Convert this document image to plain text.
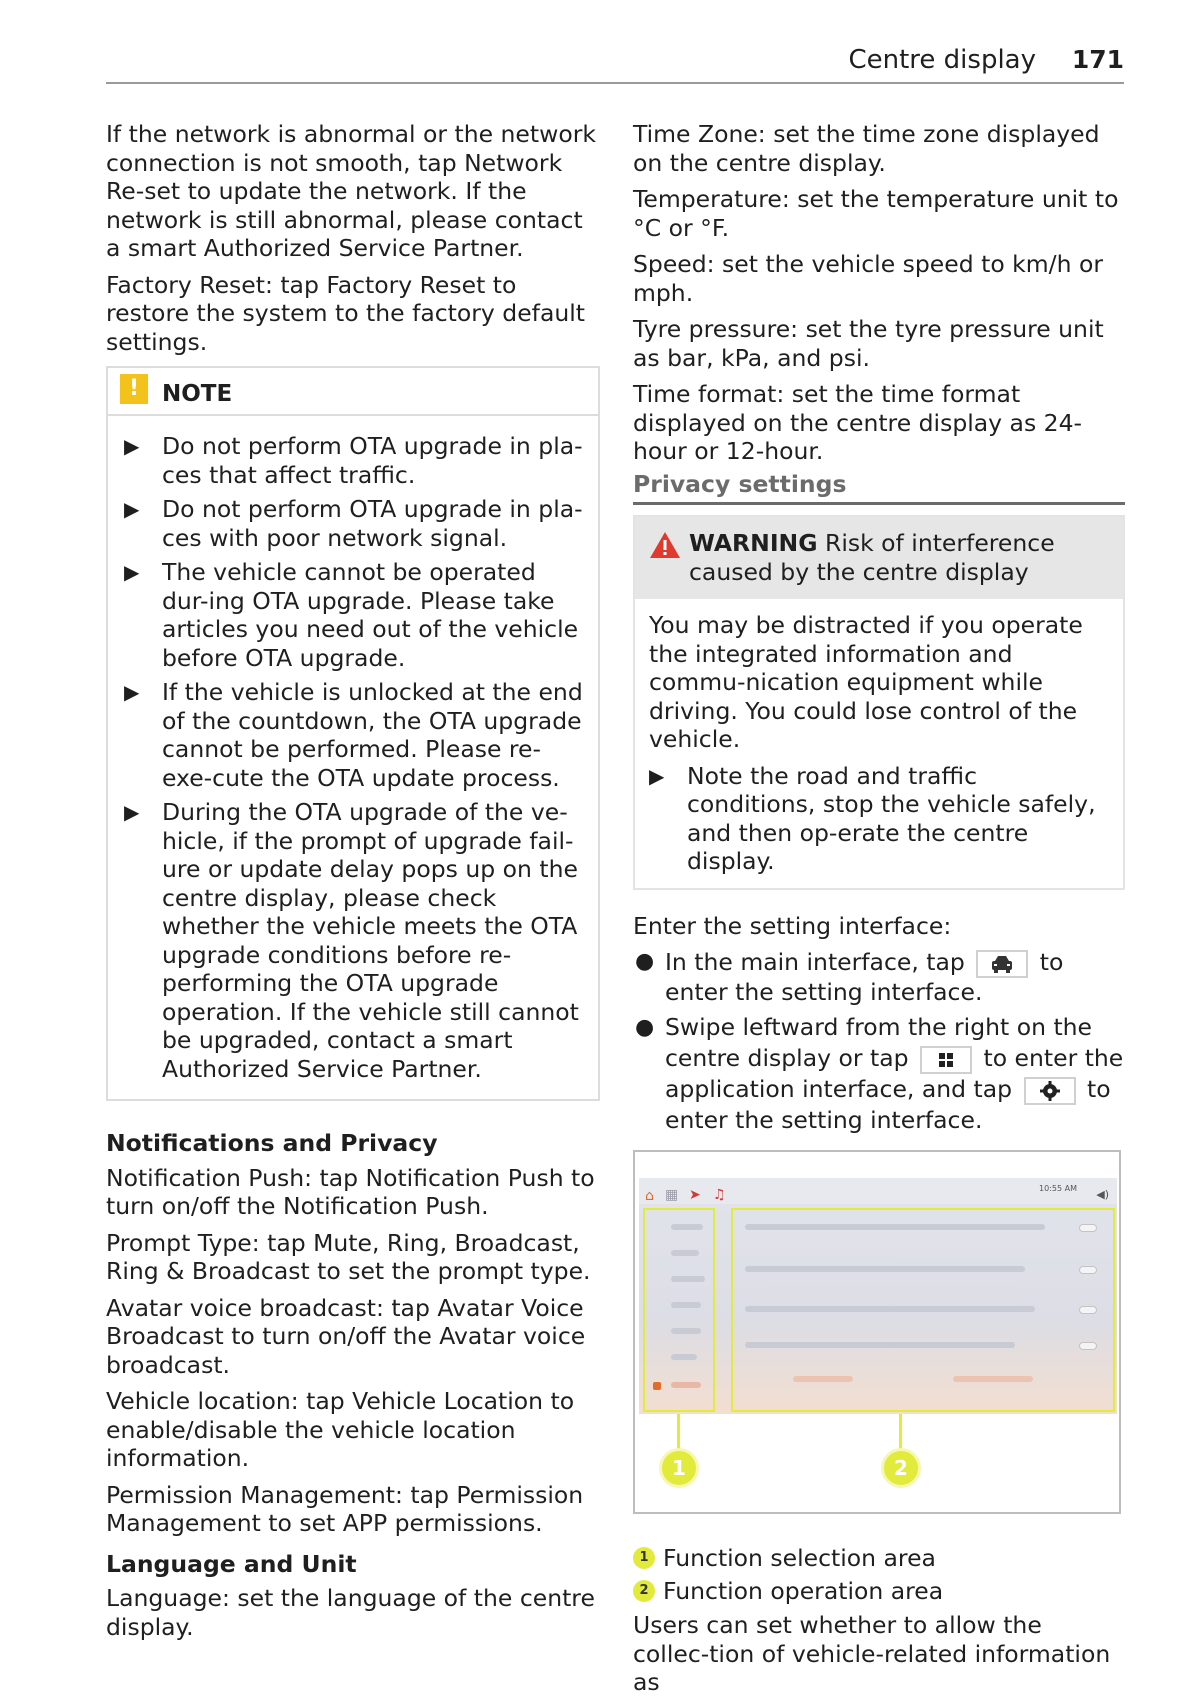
Centre display 171

If the network is abnormal or the network connection is not smooth, tap Network Re-set to update the network. If the network is still abnormal, please contact a smart Authorized Service Partner.

Factory Reset: tap Factory Reset to restore the system to the factory default settings.

! NOTE
▶ Do not perform OTA upgrade in pla-ces that affect traffic.
▶ Do not perform OTA upgrade in pla-ces with poor network signal.
▶ The vehicle cannot be operated dur-ing OTA upgrade. Please take articles you need out of the vehicle before OTA upgrade.
▶ If the vehicle is unlocked at the end of the countdown, the OTA upgrade cannot be performed. Please re-exe-cute the OTA update process.
▶ During the OTA upgrade of the ve-hicle, if the prompt of upgrade fail-ure or update delay pops up on the centre display, please check whether the vehicle meets the OTA upgrade conditions before re-performing the OTA upgrade operation. If the vehicle still cannot be upgraded, contact a smart Authorized Service Partner.
Notifications and Privacy

Notification Push: tap Notification Push to turn on/off the Notification Push.

Prompt Type: tap Mute, Ring, Broadcast, Ring & Broadcast to set the prompt type.

Avatar voice broadcast: tap Avatar Voice Broadcast to turn on/off the Avatar voice broadcast.

Vehicle location: tap Vehicle Location to enable/disable the vehicle location information.

Permission Management: tap Permission Management to set APP permissions.

Language and Unit

Language: set the language of the centre display.

Time Zone: set the time zone displayed on the centre display.

Temperature: set the temperature unit to °C or °F.

Speed: set the vehicle speed to km/h or mph.

Tyre pressure: set the tyre pressure unit as bar, kPa, and psi.

Time format: set the time format displayed on the centre display as 24-hour or 12-hour.

Privacy settings
WARNING Risk of interference caused by the centre display

You may be distracted if you operate the integrated information and commu-nication equipment while driving. You could lose control of the vehicle.

▶ Note the road and traffic conditions, stop the vehicle safely, and then op-erate the centre display.

Enter the setting interface:

● In the main interface, tap	to enter the setting interface.
● Swipe leftward from the right on the centre display or tap	to enter the application interface, and tap	to enter the setting interface.
⌂ ▦ ➤ ♫	10:55 AM ◀)
1	2
1 Function selection area
2 Function operation area

Users can set whether to allow the collec-tion of vehicle-related information as
